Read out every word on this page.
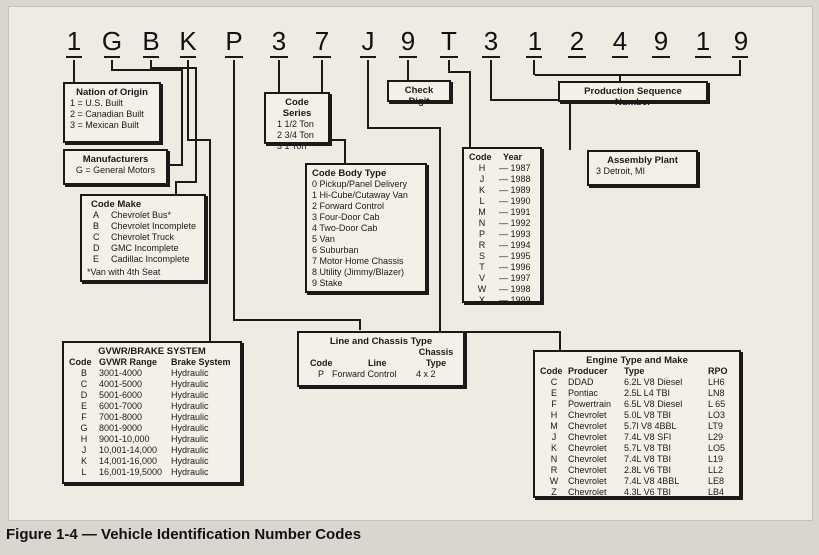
1 G B K P 3 7	J	9 T 3 1 2 4 9 1 9
Nation of Origin
1 = U.S. Built
2 = Canadian Built
3 = Mexican Built
Manufacturers
G = General Motors
Code Make
A Chevrolet Bus*
B Chevrolet Incomplete
C Chevrolet Truck
D GMC Incomplete
E Cadillac Incomplete
*Van with 4th Seat
Code Series
1 1/2 Ton
2 3/4 Ton
3 1 Ton
Code Body Type
0 Pickup/Panel Delivery
1 Hi-Cube/Cutaway Van
2 Forward Control
3 Four-Door Cab
4 Two-Door Cab
5 Van
6 Suburban
7 Motor Home Chassis
8 Utility (Jimmy/Blazer)
9 Stake
Check Digit
Code Year
H — 1987
J — 1988
K — 1989
L — 1990
M — 1991
N — 1992
P — 1993
R — 1994
S — 1995
T — 1996
V — 1997
W — 1998
X — 1999
Production Sequence Number
Assembly Plant
3 Detroit, MI
GVWR/BRAKE SYSTEM
Code GVWR Range Brake System
B 3001-4000	Hydraulic
C 4001-5000	Hydraulic
D 5001-6000	Hydraulic
E 6001-7000	Hydraulic
F 7001-8000	Hydraulic
G 8001-9000	Hydraulic
H 9001-10,000 Hydraulic
J 10,001-14,000 Hydraulic
K 14,001-16,000 Hydraulic
L 16,001-19,5000 Hydraulic
Line and Chassis Type
Code	Line
Chassis Type
P Forward Control 4 x 2
Engine Type and Make
Code Producer Type	RPO
C DDAD	6.2L V8 Diesel	LH6
E Pontiac	2.5L L4 TBI	LN8
F Powertrain 6.5L V8 Diesel	L 65
H Chevrolet 5.0L V8 TBI	LO3
M Chevrolet 5.7l V8 4BBL	LT9
J Chevrolet 7.4L V8 SFI	L29
K Chevrolet 5.7L V8 TBI	LO5
N Chevrolet 7.4L V8 TBI	L19
R Chevrolet 2.8L V6 TBI	LL2
W Chevrolet 7.4L V8 4BBL	LE8
Z Chevrolet 4.3L V6 TBI	LB4
Figure 1-4 — Vehicle Identification Number Codes
